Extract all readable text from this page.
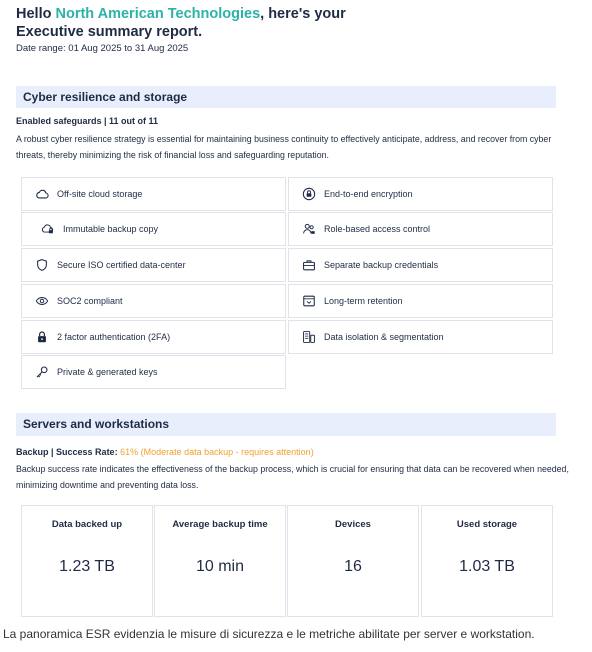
Hello North American Technologies, here's your
Executive summary report.
Date range: 01 Aug 2025 to 31 Aug 2025
Cyber resilience and storage
Enabled safeguards | 11 out of 11
A robust cyber resilience strategy is essential for maintaining business continuity to effectively anticipate, address, and recover from cyber threats, thereby minimizing the risk of financial loss and safeguarding reputation.
Off-site cloud storage	End-to-end encryption
Immutable backup copy	Role-based access control
Secure ISO certified data-center	Separate backup credentials
SOC2 compliant	Long-term retention
2 factor authentication (2FA)	Data isolation & segmentation
Private & generated keys
Servers and workstations
Backup | Success Rate: 61% (Moderate data backup - requires attention)
Backup success rate indicates the effectiveness of the backup process, which is crucial for ensuring that data can be recovered when needed, minimizing downtime and preventing data loss.
Data backed up
1.23 TB
Average backup time
10 min
Devices
16
Used storage
1.03 TB
La panoramica ESR evidenzia le misure di sicurezza e le metriche abilitate per server e workstation.
